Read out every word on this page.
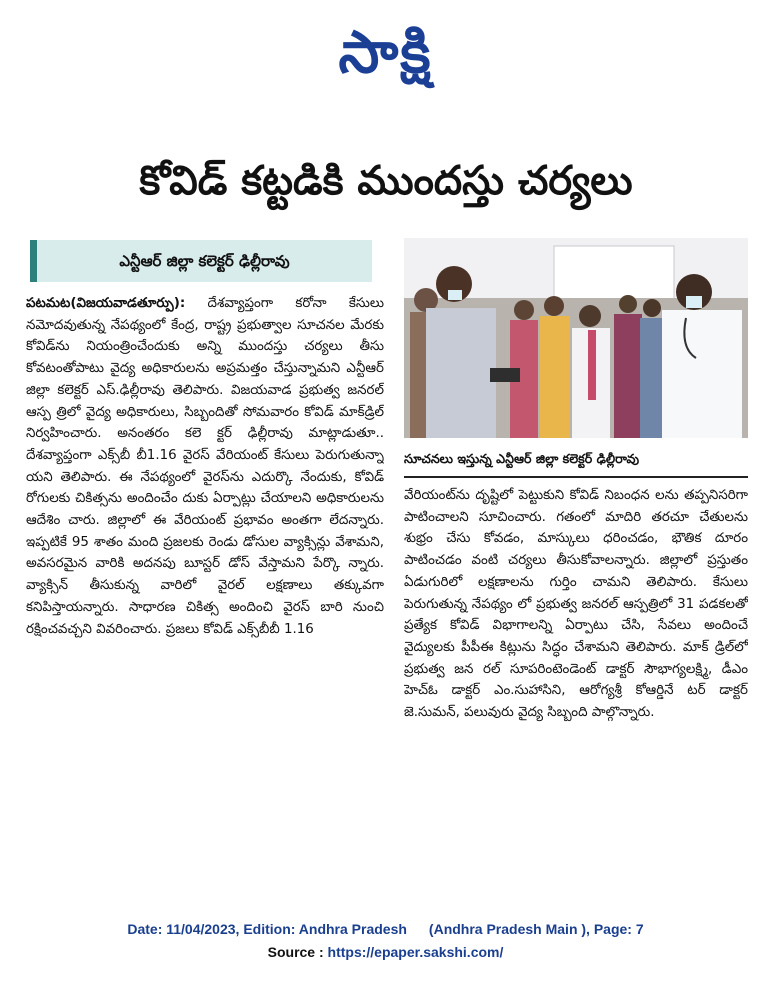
సాక్షి
కోవిడ్ కట్టడికి ముందస్తు చర్యలు
ఎన్టీఆర్ జిల్లా కలెక్టర్ ఢిల్లీరావు
పటమట(విజయవాడతూర్పు): దేశవ్యాప్తంగా కరోనా కేసులు నమోదవుతున్న నేపథ్యంలో కేంద్ర, రాష్ట్ర ప్రభుత్వాల సూచనల మేరకు కోవిడ్‌ను నియంత్రించేందుకు అన్ని ముందస్తు చర్యలు తీసు కోవటంతోపాటు వైద్య అధికారులను అప్రమత్తం చేస్తున్నామని ఎన్టీఆర్ జిల్లా కలెక్టర్ ఎస్.ఢిల్లీరావు తెలిపారు. విజయవాడ ప్రభుత్వ జనరల్ ఆస్ప త్రిలో వైద్య అధికారులు, సిబ్బందితో సోమవారం కోవిడ్ మాక్‌డ్రిల్ నిర్వహించారు. అనంతరం కలె క్టర్ ఢిల్లీరావు మాట్లాడుతూ.. దేశవ్యాప్తంగా ఎక్స్‌బీ బీ1.16 వైరస్ వేరియంట్ కేసులు పెరుగుతున్నా యని తెలిపారు. ఈ నేపథ్యంలో వైరస్‌ను ఎదుర్కొ నేందుకు, కోవిడ్ రోగులకు చికిత్సను అందించేం దుకు ఏర్పాట్లు చేయాలని అధికారులను ఆదేశిం చారు. జిల్లాలో ఈ వేరియంట్ ప్రభావం అంతగా లేదన్నారు. ఇప్పటికే 95 శాతం మంది ప్రజలకు రెండు డోసుల వ్యాక్సిన్లు వేశామని, అవసరమైన వారికి అదనపు బూస్టర్ డోస్ వేస్తామని పేర్కొ న్నారు. వ్యాక్సిన్ తీసుకున్న వారిలో వైరల్ లక్షణాలు తక్కువగా కనిపిస్తాయన్నారు. సాధారణ చికిత్స అందించి వైరస్ బారి నుంచి రక్షించవచ్చని వివరించారు. ప్రజలు కోవిడ్ ఎక్స్‌బీబీ 1.16
సూచనలు ఇస్తున్న ఎన్టీఆర్ జిల్లా కలెక్టర్ ఢిల్లీరావు
వేరియంట్‌ను దృష్టిలో పెట్టుకుని కోవిడ్ నిబంధన లను తప్పనిసరిగా పాటించాలని సూచించారు. గతంలో మాదిరి తరచూ చేతులను శుభ్రం చేసు కోవడం, మాస్కులు ధరించడం, భౌతిక దూరం పాటించడం వంటి చర్యలు తీసుకోవాలన్నారు. జిల్లాలో ప్రస్తుతం ఏడుగురిలో లక్షణాలను గుర్తిం చామని తెలిపారు. కేసులు పెరుగుతున్న నేపథ్యం లో ప్రభుత్వ జనరల్ ఆస్పత్రిలో 31 పడకలతో ప్రత్యేక కోవిడ్ విభాగాలన్ని ఏర్పాటు చేసి, సేవలు అందించే వైద్యులకు పీపీఈ కిట్లును సిద్ధం చేశామని తెలిపారు. మాక్ డ్రిల్‌లో ప్రభుత్వ జన రల్ సూపరింటెండెంట్ డాక్టర్ సౌభాగ్యలక్ష్మి, డీఎం హెచ్‌ఓ డాక్టర్ ఎం.సుహాసిని, ఆరోగ్యశ్రీ కోఆర్డినే టర్ డాక్టర్ జె.సుమన్, పలువురు వైద్య సిబ్బంది పాల్గొన్నారు.
Date: 11/04/2023, Edition: Andhra Pradesh (Andhra Pradesh Main ), Page: 7
Source : https://epaper.sakshi.com/
